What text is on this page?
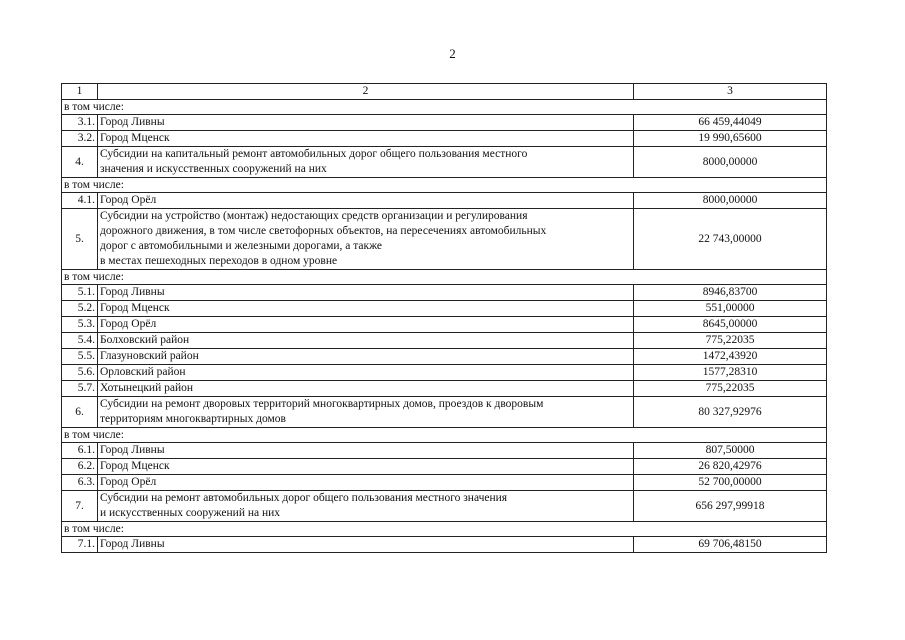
2
1	2	3
в том числе:		
3.1.	Город Ливны	66 459,44049
3.2.	Город Мценск	19 990,65600
4.	Субсидии на капитальный ремонт автомобильных дорог общего пользования местного
значения и искусственных сооружений на них	8000,00000
в том числе:		
4.1.	Город Орёл	8000,00000
5.	Субсидии на устройство (монтаж) недостающих средств организации и регулирования
дорожного движения, в том числе светофорных объектов, на пересечениях автомобильных
дорог с автомобильными и железными дорогами, а также
в местах пешеходных переходов в одном уровне	22 743,00000
в том числе:		
5.1.	Город Ливны	8946,83700
5.2.	Город Мценск	551,00000
5.3.	Город Орёл	8645,00000
5.4.	Болховский район	775,22035
5.5.	Глазуновский район	1472,43920
5.6.	Орловский район	1577,28310
5.7.	Хотынецкий район	775,22035
6.	Субсидии на ремонт дворовых территорий многоквартирных домов, проездов к дворовым
территориям многоквартирных домов	80 327,92976
в том числе:		
6.1.	Город Ливны	807,50000
6.2.	Город Мценск	26 820,42976
6.3.	Город Орёл	52 700,00000
7.	Субсидии на ремонт автомобильных дорог общего пользования местного значения
и искусственных сооружений на них	656 297,99918
в том числе:		
7.1.	Город Ливны	69 706,48150
